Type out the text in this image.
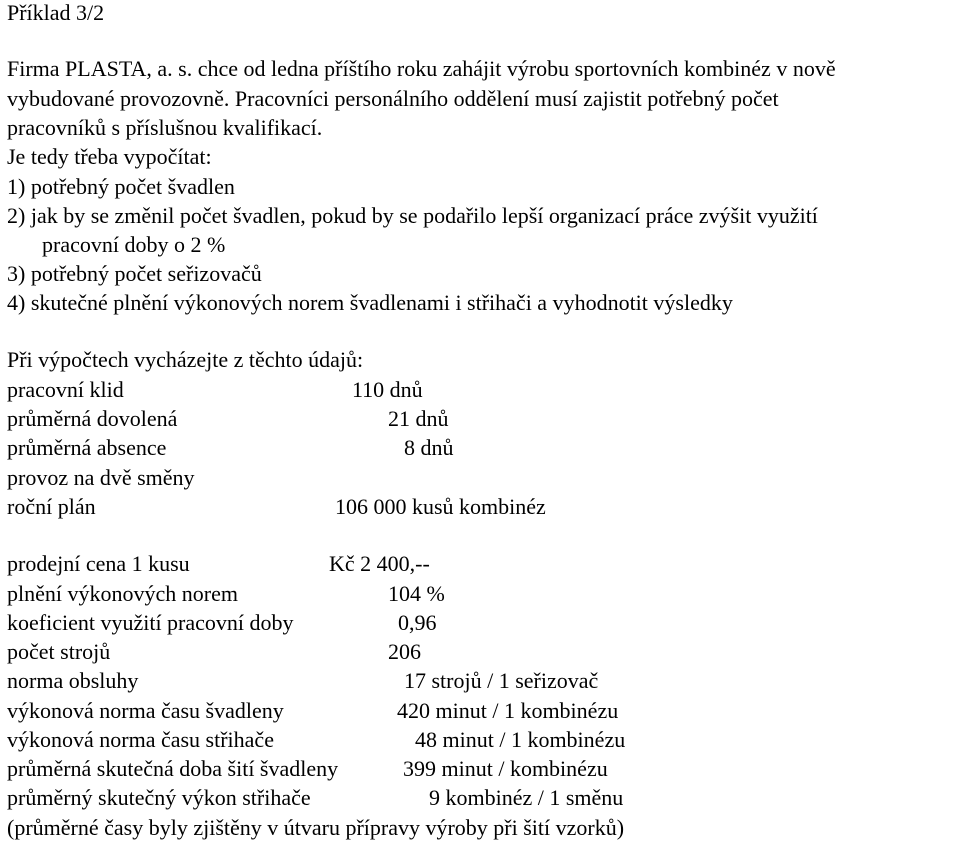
Příklad 3/2
Firma PLASTA, a. s. chce od ledna příštího roku zahájit výrobu sportovních kombinéz v nově
vybudované provozovně. Pracovníci personálního oddělení musí zajistit potřebný počet
pracovníků s příslušnou kvalifikací.
Je tedy třeba vypočítat:
1) potřebný počet švadlen
2) jak by se změnil počet švadlen, pokud by se podařilo lepší organizací práce zvýšit využití
pracovní doby o 2 %
3) potřebný počet seřizovačů
4) skutečné plnění výkonových norem švadlenami i střihači a vyhodnotit výsledky
Při výpočtech vycházejte z těchto údajů:
pracovní klid	110 dnů
průměrná dovolená	21 dnů
průměrná absence	8 dnů
provoz na dvě směny
roční plán	106 000 kusů kombinéz
prodejní cena 1 kusu	Kč 2 400,--
plnění výkonových norem	104 %
koeficient využití pracovní doby	0,96
počet strojů	206
norma obsluhy	17 strojů / 1 seřizovač
výkonová norma času švadleny	420 minut / 1 kombinézu
výkonová norma času střihače	48 minut / 1 kombinézu
průměrná skutečná doba šití švadleny	399 minut / kombinézu
průměrný skutečný výkon střihače	9 kombinéz / 1 směnu
(průměrné časy byly zjištěny v útvaru přípravy výroby při šití vzorků)
